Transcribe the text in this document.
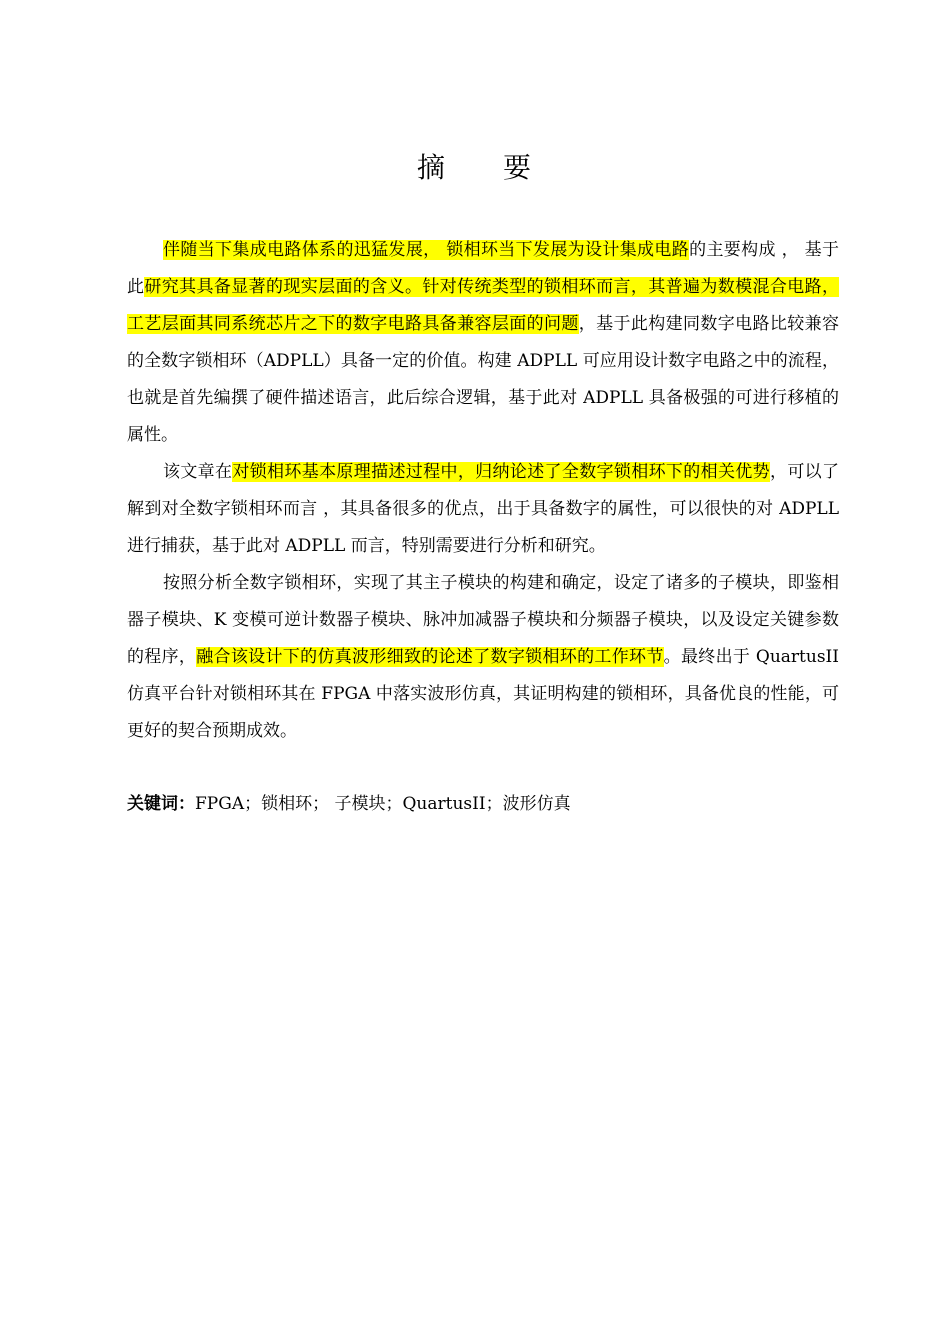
摘 要

伴随当下集成电路体系的迅猛发展， 锁相环当下发展为设计集成电路的主要构成 ， 基于此研究其具备显著的现实层面的含义。针对传统类型的锁相环而言，其普遍为数模混合电路，工艺层面其同系统芯片之下的数字电路具备兼容层面的问题，基于此构建同数字电路比较兼容的全数字锁相环（ADPLL）具备一定的价值。构建 ADPLL 可应用设计数字电路之中的流程，也就是首先编撰了硬件描述语言，此后综合逻辑，基于此对 ADPLL 具备极强的可进行移植的属性。

该文章在对锁相环基本原理描述过程中，归纳论述了全数字锁相环下的相关优势，可以了解到对全数字锁相环而言 ，其具备很多的优点，出于具备数字的属性，可以很快的对 ADPLL 进行捕获，基于此对 ADPLL 而言，特别需要进行分析和研究。

按照分析全数字锁相环，实现了其主子模块的构建和确定，设定了诸多的子模块，即鉴相器子模块、K 变模可逆计数器子模块、脉冲加减器子模块和分频器子模块，以及设定关键参数的程序，融合该设计下的仿真波形细致的论述了数字锁相环的工作环节。最终出于 QuartusII 仿真平台针对锁相环其在 FPGA 中落实波形仿真，其证明构建的锁相环，具备优良的性能，可更好的契合预期成效。

关键词：FPGA；锁相环； 子模块；QuartusII；波形仿真
